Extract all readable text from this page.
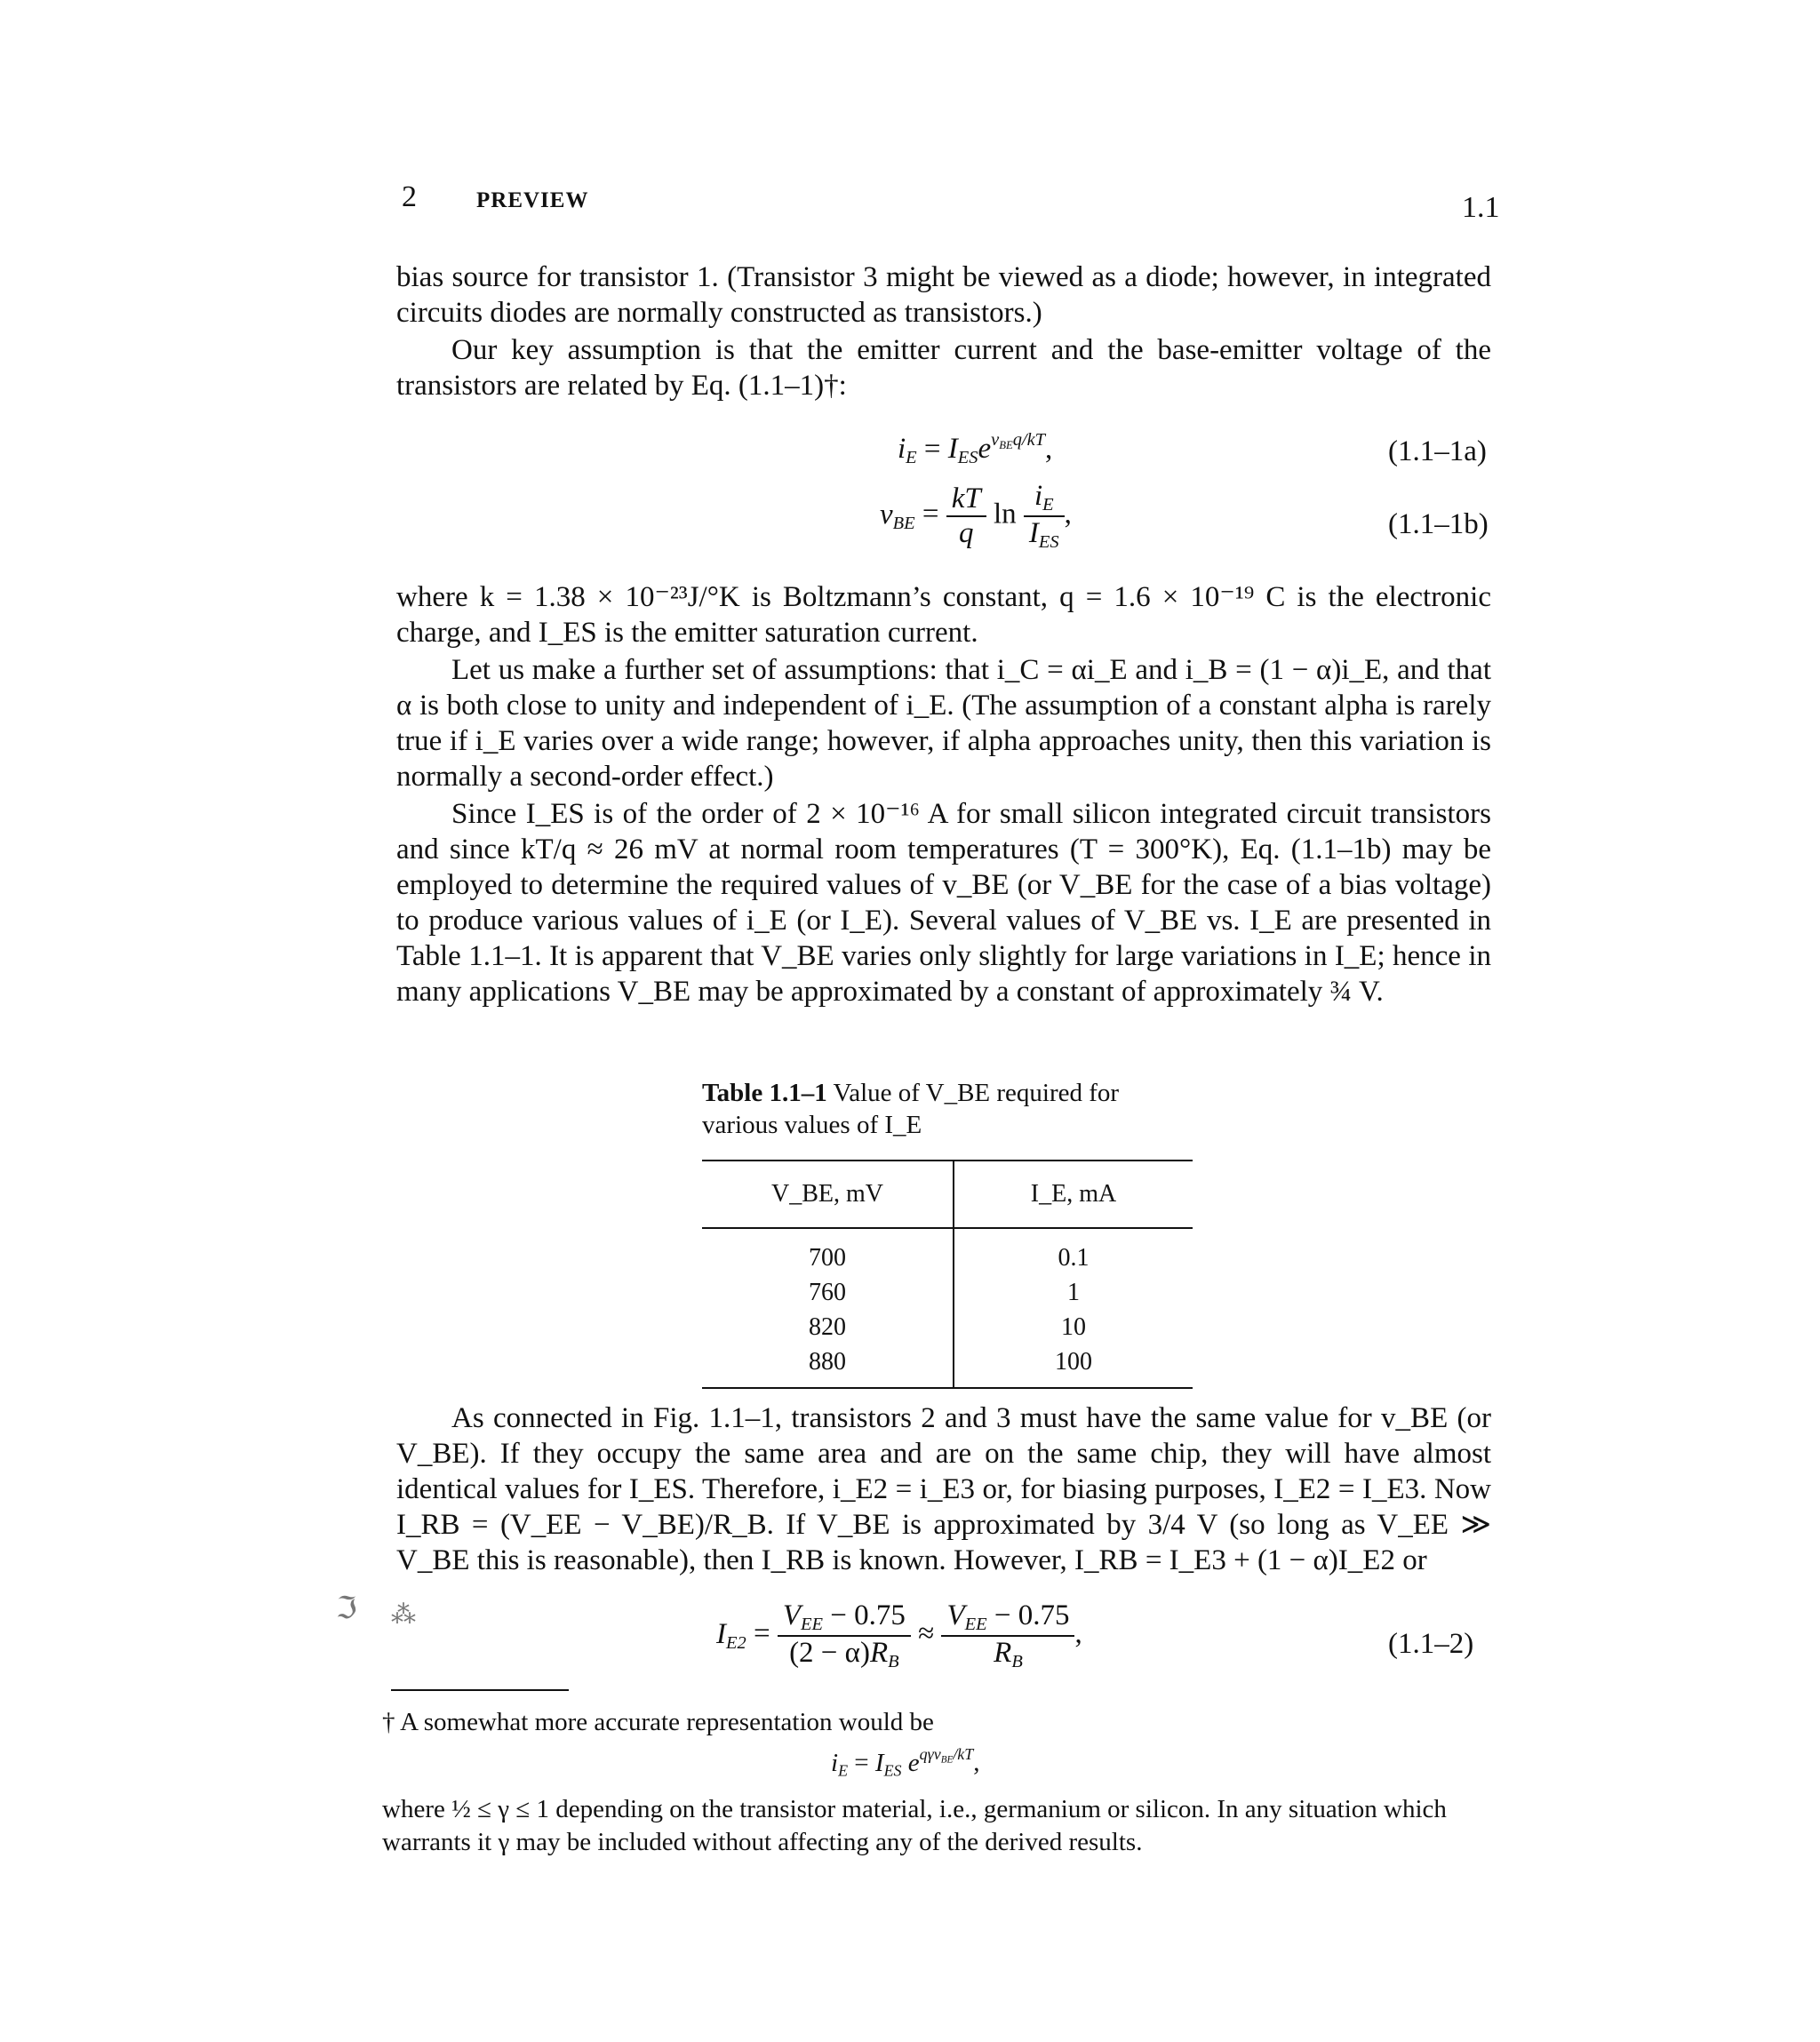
2	PREVIEW	1.1
bias source for transistor 1. (Transistor 3 might be viewed as a diode; however, in integrated circuits diodes are normally constructed as transistors.)
Our key assumption is that the emitter current and the base-emitter voltage of the transistors are related by Eq. (1.1–1)†:
$i_E = I_{ES}e^{v_{BE}q/kT}$,	(1.1–1a)
$v_{BE} = \frac{kT}{q}$ $\ln \frac{i_E}{I_{ES}}$ ,	(1.1–1b)
where k = 1.38 × 10⁻²³J/°K is Boltzmann’s constant, q = 1.6 × 10⁻¹⁹ C is the electronic charge, and I_ES is the emitter saturation current.
Let us make a further set of assumptions: that i_C = αi_E and i_B = (1 − α)i_E, and that α is both close to unity and independent of i_E. (The assumption of a constant alpha is rarely true if i_E varies over a wide range; however, if alpha approaches unity, then this variation is normally a second-order effect.)
Since I_ES is of the order of 2 × 10⁻¹⁶ A for small silicon integrated circuit transistors and since kT/q ≈ 26 mV at normal room temperatures (T = 300°K), Eq. (1.1–1b) may be employed to determine the required values of v_BE (or V_BE for the case of a bias voltage) to produce various values of i_E (or I_E). Several values of V_BE vs. I_E are presented in Table 1.1–1. It is apparent that V_BE varies only slightly for large variations in I_E; hence in many applications V_BE may be approximated by a constant of approximately ¾ V.
Table 1.1–1 Value of V_BE required for various values of I_E
V_BE, mV	I_E, mA
700	0.1
760	1
820	10
880	100
As connected in Fig. 1.1–1, transistors 2 and 3 must have the same value for v_BE (or V_BE). If they occupy the same area and are on the same chip, they will have almost identical values for I_ES. Therefore, i_E2 = i_E3 or, for biasing purposes, I_E2 = I_E3. Now I_RB = (V_EE − V_BE)/R_B. If V_BE is approximated by 3/4 V (so long as V_EE ≫ V_BE this is reasonable), then I_RB is known. However, I_RB = I_E3 + (1 − α)I_E2 or
$I_{E2} = \frac{V_{EE} - 0.75}{(2 - \alpha)R_B} \approx \frac{V_{EE} - 0.75}{R_B}$ ,	(1.1–2)
ℑ ⁂
† A somewhat more accurate representation would be
$i_E = I_{ES}$ $e^{q\gamma v_{BE}/kT}$,
where ½ ≤ γ ≤ 1 depending on the transistor material, i.e., germanium or silicon. In any situation which warrants it γ may be included without affecting any of the derived results.
